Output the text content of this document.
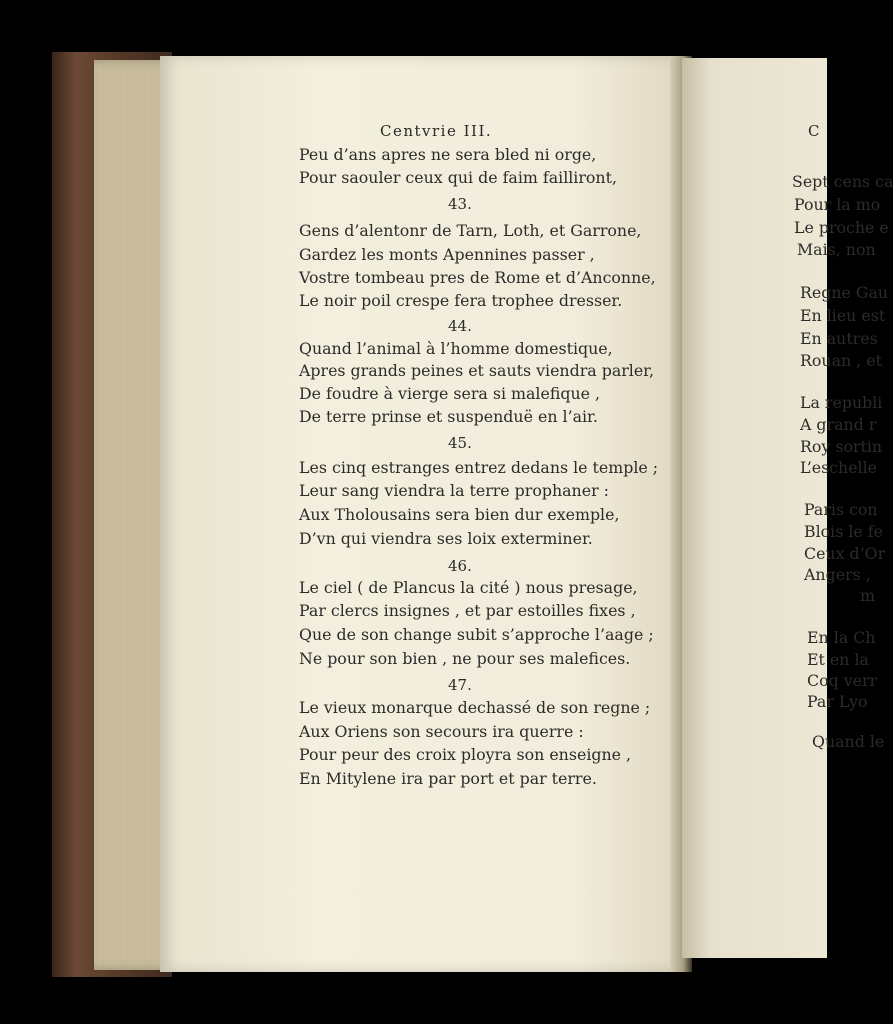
Sept cens ca
Pour la mo
Le proche e
Mais, non
Regne Gau
En lieu est
En autres
Rouan , et
La republi
A grand r
Roy sortin
L’eschelle
Paris con
Blois le fe
Ceux d’Or
Angers ,
m
En la Ch
Et en la
Coq verr
Par Lyo
Quand le
Centvrie III.
Peu d’ans apres ne sera bled ni orge,
Pour saouler ceux qui de faim failliront,
43.
Gens d’alentonr de Tarn, Loth, et Garrone,
Gardez les monts Apennines passer ,
Vostre tombeau pres de Rome et d’Anconne,
Le noir poil crespe fera trophee dresser.
44.
Quand l’animal à l’homme domestique,
Apres grands peines et sauts viendra parler,
De foudre à vierge sera si malefique ,
De terre prinse et suspenduë en l’air.
45.
Les cinq estranges entrez dedans le temple ;
Leur sang viendra la terre prophaner :
Aux Tholousains sera bien dur exemple,
D’vn qui viendra ses loix exterminer.
46.
Le ciel ( de Plancus la cité ) nous presage,
Par clercs insignes , et par estoilles fixes ,
Que de son change subit s’approche l’aage ;
Ne pour son bien , ne pour ses malefices.
47.
Le vieux monarque dechassé de son regne ;
Aux Oriens son secours ira querre :
Pour peur des croix ployra son enseigne ,
En Mitylene ira par port et par terre.
C
